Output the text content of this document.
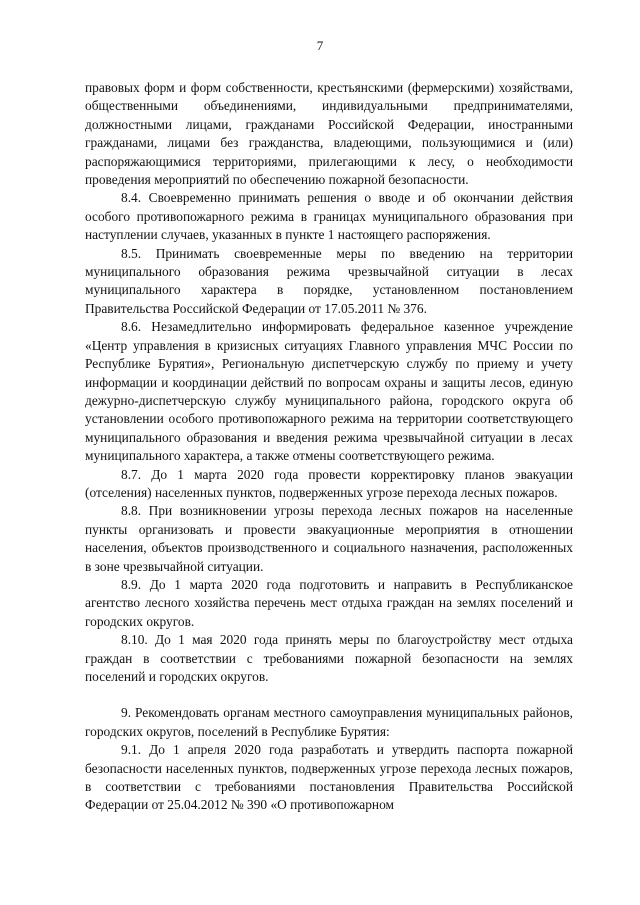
7

правовых форм и форм собственности, крестьянскими (фермерскими) хозяйствами, общественными объединениями, индивидуальными предпринимателями, должностными лицами, гражданами Российской Федерации, иностранными гражданами, лицами без гражданства, владеющими, пользующимися и (или) распоряжающимися территориями, прилегающими к лесу, о необходимости проведения мероприятий по обеспечению пожарной безопасности.

8.4. Своевременно принимать решения о вводе и об окончании действия особого противопожарного режима в границах муниципального образования при наступлении случаев, указанных в пункте 1 настоящего распоряжения.

8.5. Принимать своевременные меры по введению на территории муниципального образования режима чрезвычайной ситуации в лесах муниципального характера в порядке, установленном постановлением Правительства Российской Федерации от 17.05.2011 № 376.

8.6. Незамедлительно информировать федеральное казенное учреждение «Центр управления в кризисных ситуациях Главного управления МЧС России по Республике Бурятия», Региональную диспетчерскую службу по приему и учету информации и координации действий по вопросам охраны и защиты лесов, единую дежурно-диспетчерскую службу муниципального района, городского округа об установлении особого противопожарного режима на территории соответствующего муниципального образования и введения режима чрезвычайной ситуации в лесах муниципального характера, а также отмены соответствующего режима.

8.7. До 1 марта 2020 года провести корректировку планов эвакуации (отселения) населенных пунктов, подверженных угрозе перехода лесных пожаров.

8.8. При возникновении угрозы перехода лесных пожаров на населенные пункты организовать и провести эвакуационные мероприятия в отношении населения, объектов производственного и социального назначения, расположенных в зоне чрезвычайной ситуации.

8.9. До 1 марта 2020 года подготовить и направить в Республиканское агентство лесного хозяйства перечень мест отдыха граждан на землях поселений и городских округов.

8.10. До 1 мая 2020 года принять меры по благоустройству мест отдыха граждан в соответствии с требованиями пожарной безопасности на землях поселений и городских округов.

9. Рекомендовать органам местного самоуправления муниципальных районов, городских округов, поселений в Республике Бурятия:

9.1. До 1 апреля 2020 года разработать и утвердить паспорта пожарной безопасности населенных пунктов, подверженных угрозе перехода лесных пожаров, в соответствии с требованиями постановления Правительства Российской Федерации от 25.04.2012 № 390 «О противопожарном
